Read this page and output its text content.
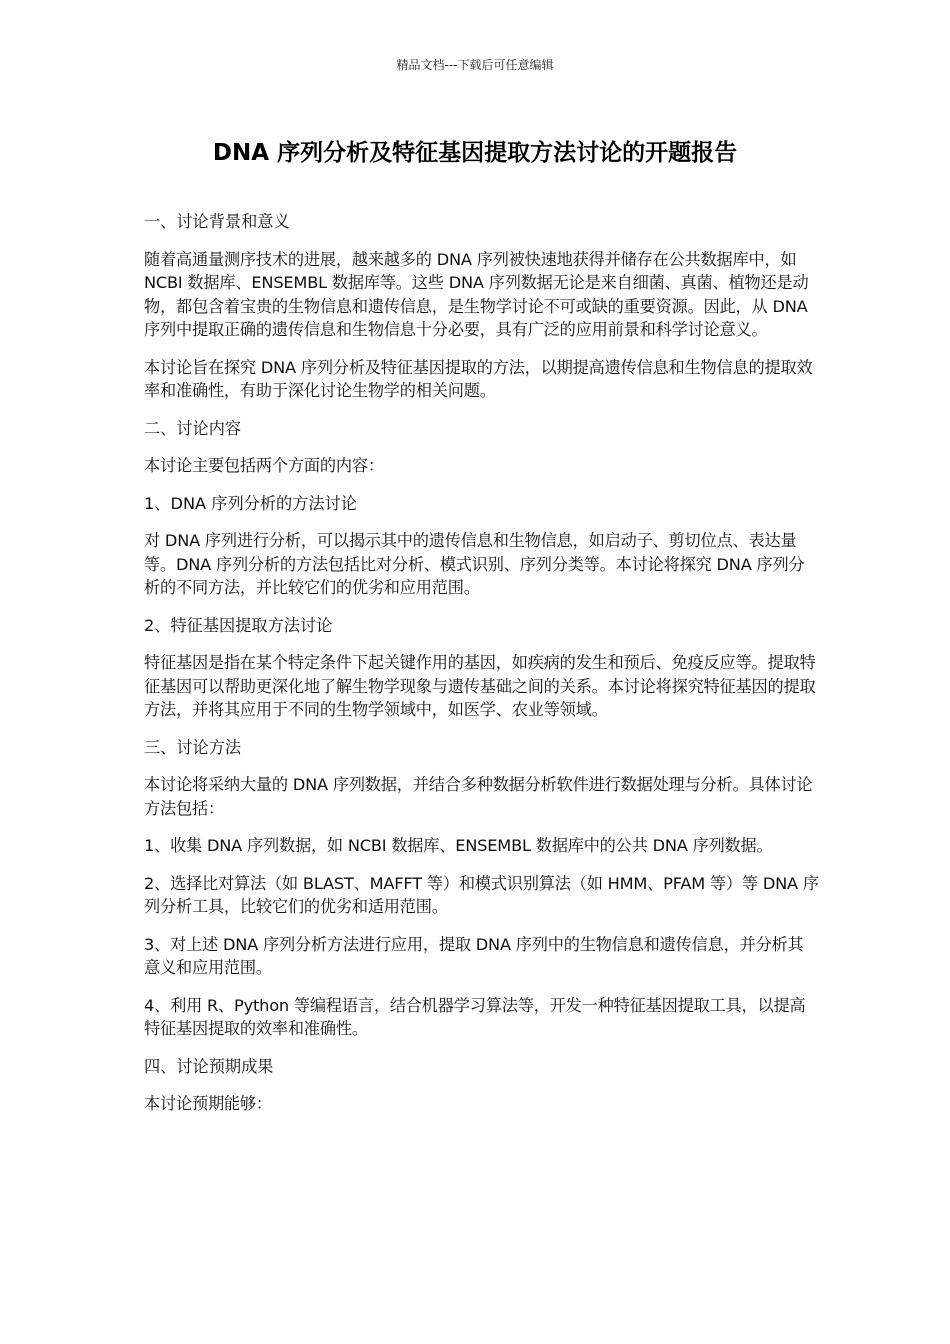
精品文档---下载后可任意编辑
DNA 序列分析及特征基因提取方法讨论的开题报告

一、讨论背景和意义

随着高通量测序技术的进展，越来越多的 DNA 序列被快速地获得并储存在公共数据库中，如 NCBI 数据库、ENSEMBL 数据库等。这些 DNA 序列数据无论是来自细菌、真菌、植物还是动物，都包含着宝贵的生物信息和遗传信息，是生物学讨论不可或缺的重要资源。因此，从 DNA 序列中提取正确的遗传信息和生物信息十分必要，具有广泛的应用前景和科学讨论意义。

本讨论旨在探究 DNA 序列分析及特征基因提取的方法，以期提高遗传信息和生物信息的提取效率和准确性，有助于深化讨论生物学的相关问题。

二、讨论内容

本讨论主要包括两个方面的内容：

1、DNA 序列分析的方法讨论

对 DNA 序列进行分析，可以揭示其中的遗传信息和生物信息，如启动子、剪切位点、表达量等。DNA 序列分析的方法包括比对分析、模式识别、序列分类等。本讨论将探究 DNA 序列分析的不同方法，并比较它们的优劣和应用范围。

2、特征基因提取方法讨论

特征基因是指在某个特定条件下起关键作用的基因，如疾病的发生和预后、免疫反应等。提取特征基因可以帮助更深化地了解生物学现象与遗传基础之间的关系。本讨论将探究特征基因的提取方法，并将其应用于不同的生物学领域中，如医学、农业等领域。

三、讨论方法

本讨论将采纳大量的 DNA 序列数据，并结合多种数据分析软件进行数据处理与分析。具体讨论方法包括：

1、收集 DNA 序列数据，如 NCBI 数据库、ENSEMBL 数据库中的公共 DNA 序列数据。

2、选择比对算法（如 BLAST、MAFFT 等）和模式识别算法（如 HMM、PFAM 等）等 DNA 序列分析工具，比较它们的优劣和适用范围。

3、对上述 DNA 序列分析方法进行应用，提取 DNA 序列中的生物信息和遗传信息，并分析其意义和应用范围。

4、利用 R、Python 等编程语言，结合机器学习算法等，开发一种特征基因提取工具，以提高特征基因提取的效率和准确性。

四、讨论预期成果

本讨论预期能够：
